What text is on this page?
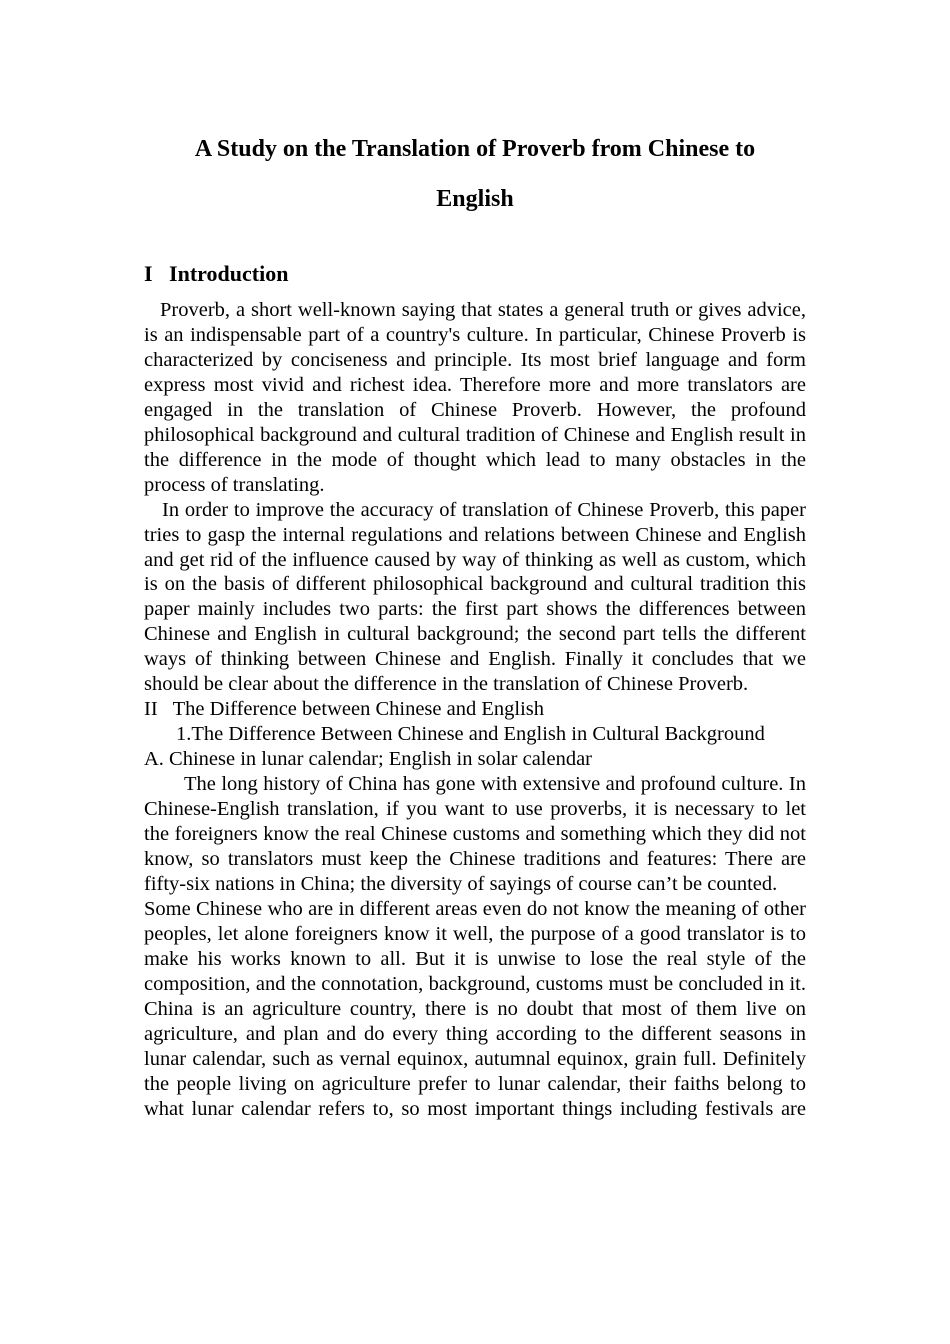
A Study on the Translation of Proverb from Chinese to
English
I   Introduction

Proverb, a short well-known saying that states a general truth or gives advice, is an indispensable part of a country's culture. In particular, Chinese Proverb is characterized by conciseness and principle. Its most brief language and form express most vivid and richest idea. Therefore more and more translators are engaged in the translation of Chinese Proverb. However, the profound philosophical background and cultural tradition of Chinese and English result in the difference in the mode of thought which lead to many obstacles in the process of translating.

In order to improve the accuracy of translation of Chinese Proverb, this paper tries to gasp the internal regulations and relations between Chinese and English and get rid of the influence caused by way of thinking as well as custom, which is on the basis of different philosophical background and cultural tradition this paper mainly includes two parts: the first part shows the differences between Chinese and English in cultural background; the second part tells the different ways of thinking between Chinese and English. Finally it concludes that we should be clear about the difference in the translation of Chinese Proverb.

II   The Difference between Chinese and English

1.The Difference Between Chinese and English in Cultural Background

A. Chinese in lunar calendar; English in solar calendar

The long history of China has gone with extensive and profound culture. In Chinese-English translation, if you want to use proverbs, it is necessary to let the foreigners know the real Chinese customs and something which they did not know, so translators must keep the Chinese traditions and features: There are fifty-six nations in China; the diversity of sayings of course can’t be counted.

Some Chinese who are in different areas even do not know the meaning of other peoples, let alone foreigners know it well, the purpose of a good translator is to make his works known to all. But it is unwise to lose the real style of the composition, and the connotation, background, customs must be concluded in it. China is an agriculture country, there is no doubt that most of them live on agriculture, and plan and do every thing according to the different seasons in lunar calendar, such as vernal equinox, autumnal equinox, grain full. Definitely the people living on agriculture prefer to lunar calendar, their faiths belong to what lunar calendar refers to, so most important things including festivals are
